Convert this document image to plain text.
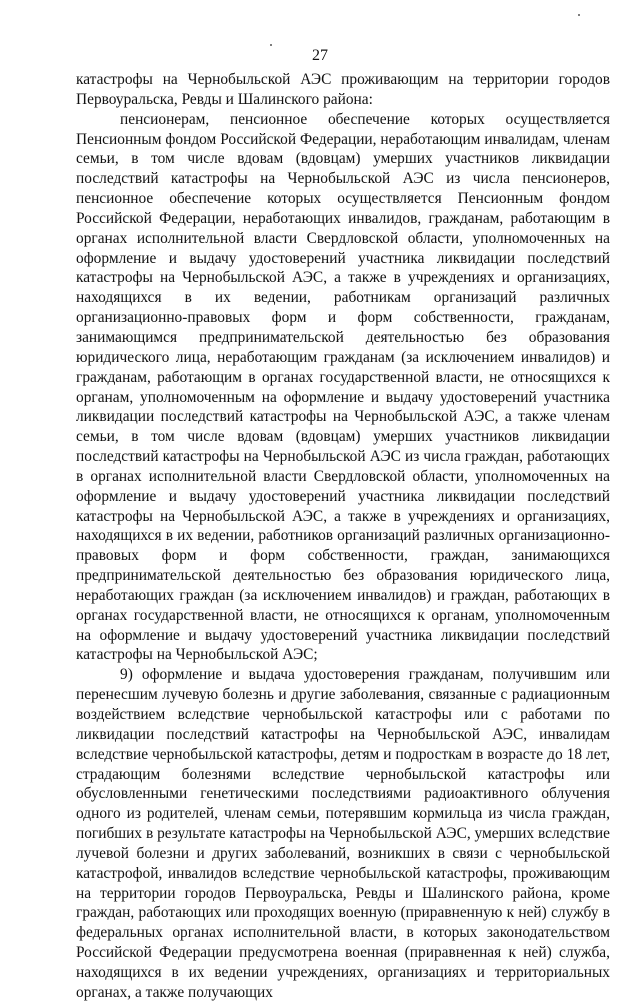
27

катастрофы на Чернобыльской АЭС проживающим на территории городов Первоуральска, Ревды и Шалинского района:

пенсионерам, пенсионное обеспечение которых осуществляется Пенсионным фондом Российской Федерации, неработающим инвалидам, членам семьи, в том числе вдовам (вдовцам) умерших участников ликвидации последствий катастрофы на Чернобыльской АЭС из числа пенсионеров, пенсионное обеспечение которых осуществляется Пенсионным фондом Российской Федерации, неработающих инвалидов, гражданам, работающим в органах исполнительной власти Свердловской области, уполномоченных на оформление и выдачу удостоверений участника ликвидации последствий катастрофы на Чернобыльской АЭС, а также в учреждениях и организациях, находящихся в их ведении, работникам организаций различных организационно-правовых форм и форм собственности, гражданам, занимающимся предпринимательской деятельностью без образования юридического лица, неработающим гражданам (за исключением инвалидов) и гражданам, работающим в органах государственной власти, не относящихся к органам, уполномоченным на оформление и выдачу удостоверений участника ликвидации последствий катастрофы на Чернобыльской АЭС, а также членам семьи, в том числе вдовам (вдовцам) умерших участников ликвидации последствий катастрофы на Чернобыльской АЭС из числа граждан, работающих в органах исполнительной власти Свердловской области, уполномоченных на оформление и выдачу удостоверений участника ликвидации последствий катастрофы на Чернобыльской АЭС, а также в учреждениях и организациях, находящихся в их ведении, работников организаций различных организационно-правовых форм и форм собственности, граждан, занимающихся предпринимательской деятельностью без образования юридического лица, неработающих граждан (за исключением инвалидов) и граждан, работающих в органах государственной власти, не относящихся к органам, уполномоченным на оформление и выдачу удостоверений участника ликвидации последствий катастрофы на Чернобыльской АЭС;

9) оформление и выдача удостоверения гражданам, получившим или перенесшим лучевую болезнь и другие заболевания, связанные с радиационным воздействием вследствие чернобыльской катастрофы или с работами по ликвидации последствий катастрофы на Чернобыльской АЭС, инвалидам вследствие чернобыльской катастрофы, детям и подросткам в возрасте до 18 лет, страдающим болезнями вследствие чернобыльской катастрофы или обусловленными генетическими последствиями радиоактивного облучения одного из родителей, членам семьи, потерявшим кормильца из числа граждан, погибших в результате катастрофы на Чернобыльской АЭС, умерших вследствие лучевой болезни и других заболеваний, возникших в связи с чернобыльской катастрофой, инвалидов вследствие чернобыльской катастрофы, проживающим на территории городов Первоуральска, Ревды и Шалинского района, кроме граждан, работающих или проходящих военную (приравненную к ней) службу в федеральных органах исполнительной власти, в которых законодательством Российской Федерации предусмотрена военная (приравненная к ней) служба, находящихся в их ведении учреждениях, организациях и территориальных органах, а также получающих
